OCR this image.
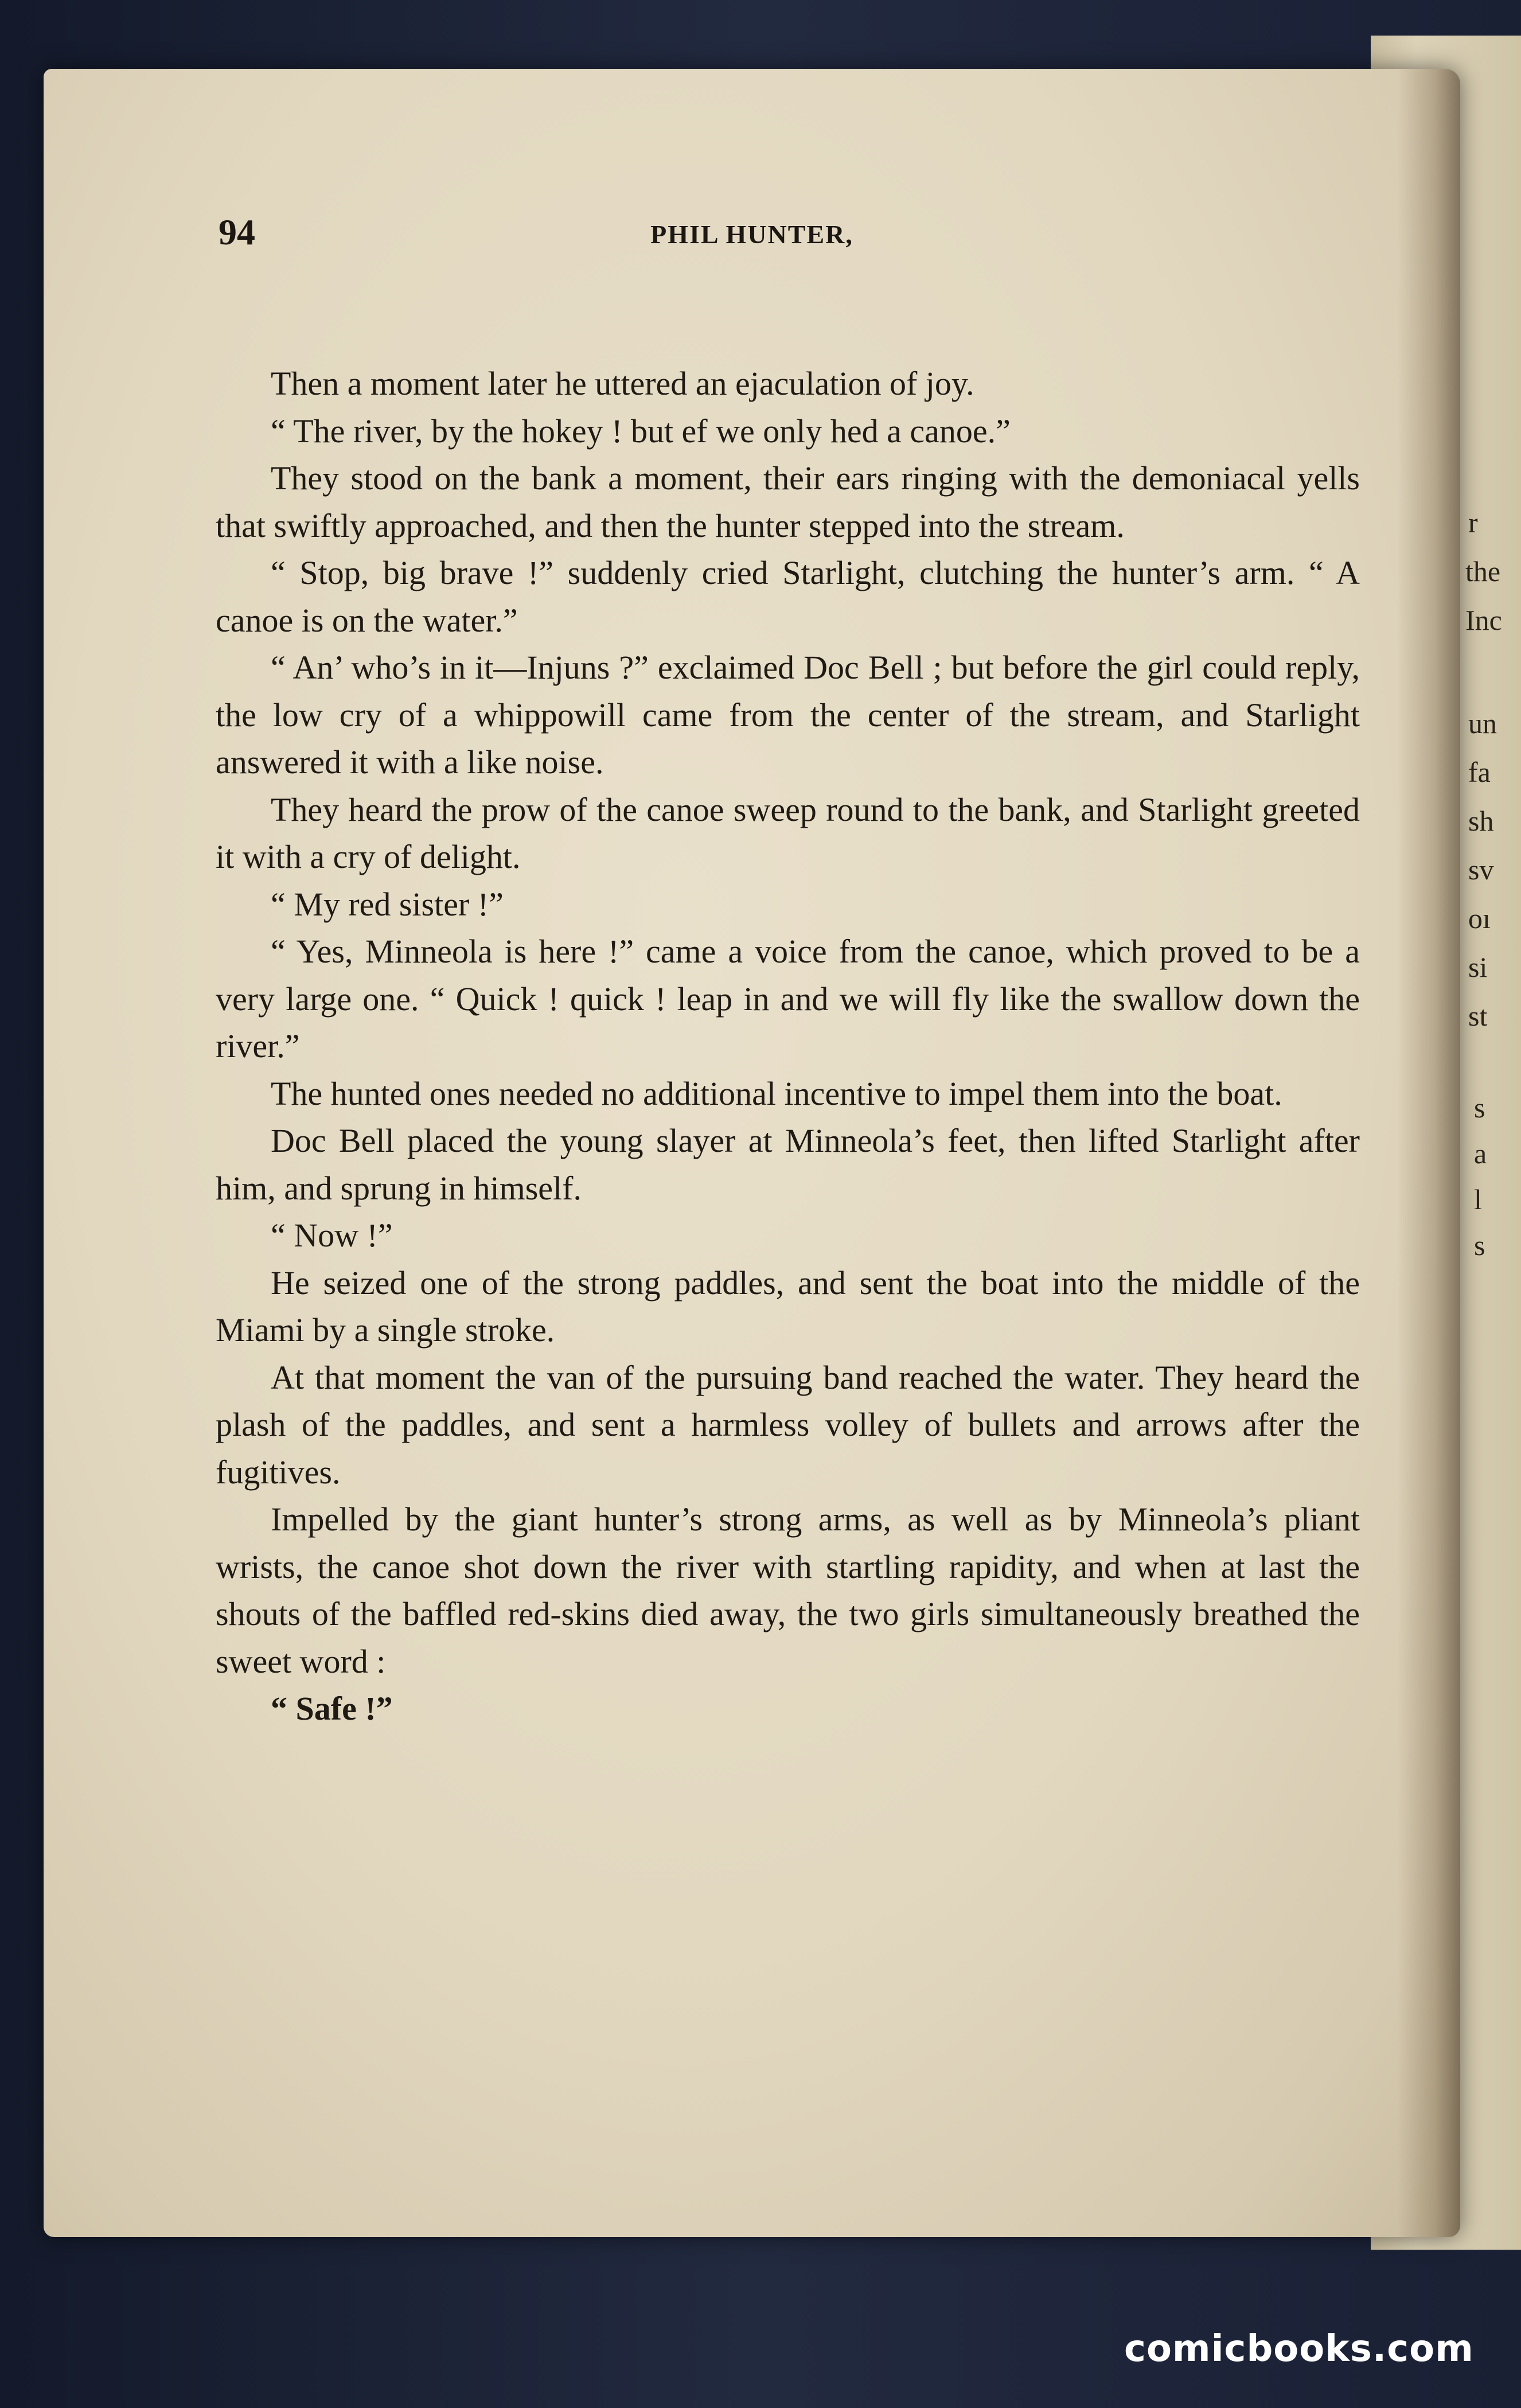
r
the
Inc
un
fa
sh
sv
oı
si
st
s
a
l
s
94	PHIL HUNTER,

Then a moment later he uttered an ejaculation of joy.

“ The river, by the hokey ! but ef we only hed a canoe.”

They stood on the bank a moment, their ears ringing with the demoniacal yells that swiftly approached, and then the hunter stepped into the stream.

“ Stop, big brave !” suddenly cried Starlight, clutching the hunter’s arm. “ A canoe is on the water.”

“ An’ who’s in it—Injuns ?” exclaimed Doc Bell ; but before the girl could reply, the low cry of a whippowill came from the center of the stream, and Starlight answered it with a like noise.

They heard the prow of the canoe sweep round to the bank, and Starlight greeted it with a cry of delight.

“ My red sister !”

“ Yes, Minneola is here !” came a voice from the canoe, which proved to be a very large one. “ Quick ! quick ! leap in and we will fly like the swallow down the river.”

The hunted ones needed no additional incentive to impel them into the boat.

Doc Bell placed the young slayer at Minneola’s feet, then lifted Starlight after him, and sprung in himself.

“ Now !”

He seized one of the strong paddles, and sent the boat into the middle of the Miami by a single stroke.

At that moment the van of the pursuing band reached the water. They heard the plash of the paddles, and sent a harmless volley of bullets and arrows after the fugitives.

Impelled by the giant hunter’s strong arms, as well as by Minneola’s pliant wrists, the canoe shot down the river with startling rapidity, and when at last the shouts of the baffled red-skins died away, the two girls simultaneously breathed the sweet word :

“ Safe !”

comicbooks.com
